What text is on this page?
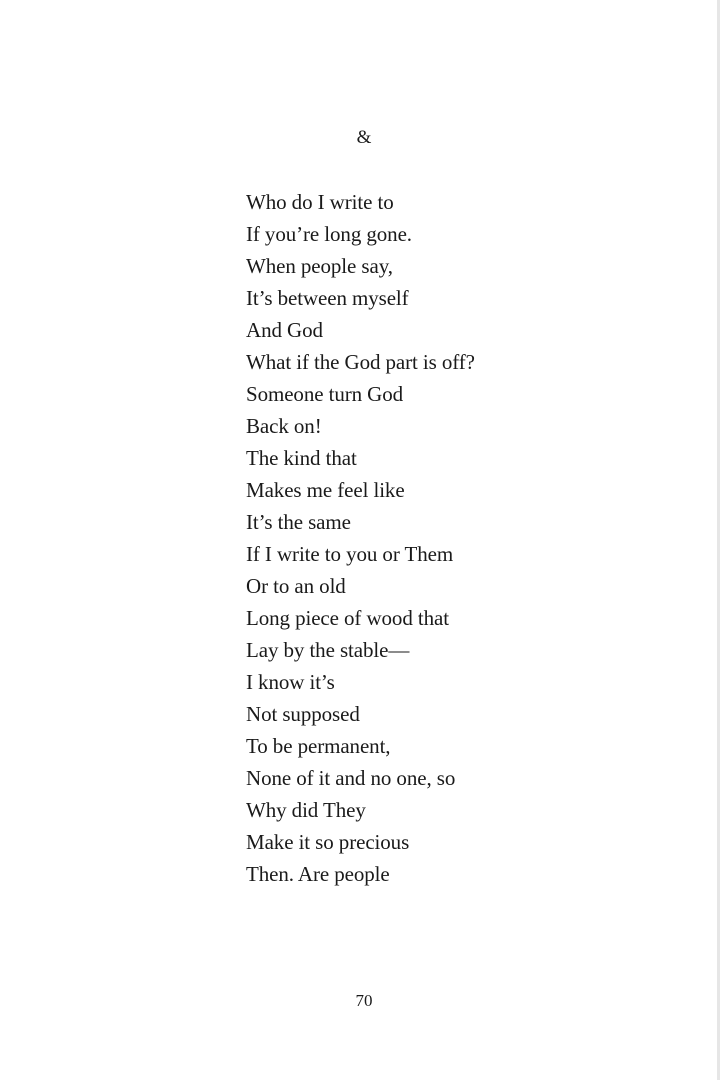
&
Who do I write to
If you’re long gone.
When people say,
It’s between myself
And God
What if the God part is off?
Someone turn God
Back on!
The kind that
Makes me feel like
It’s the same
If I write to you or Them
Or to an old
Long piece of wood that
Lay by the stable—
I know it’s
Not supposed
To be permanent,
None of it and no one, so
Why did They
Make it so precious
Then. Are people
70
